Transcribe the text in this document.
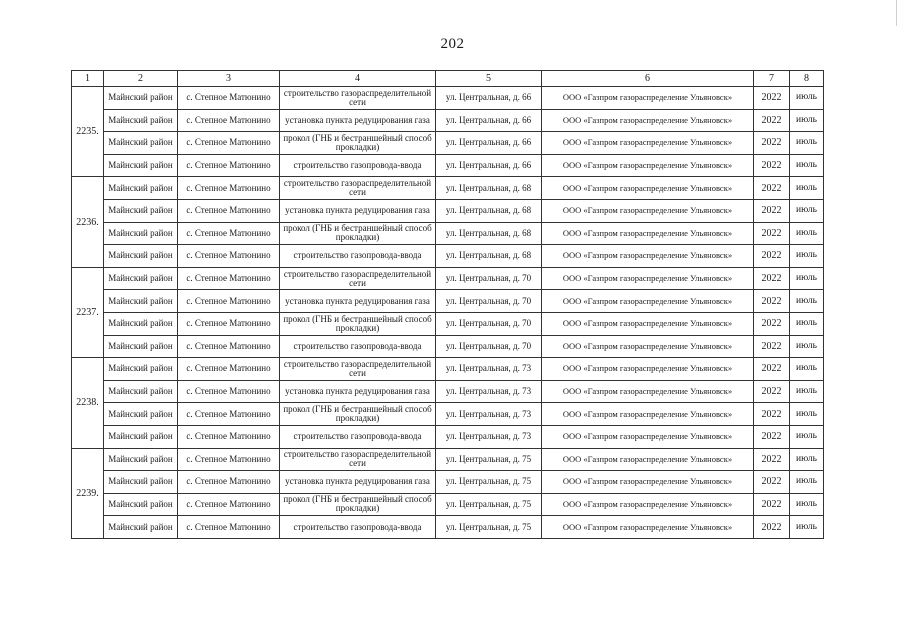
202
1	2	3	4	5	6	7	8
2235.	Майнский район	с. Степное Матюнино	строительство газораспределительной сети	ул. Центральная, д. 66	ООО «Газпром газораспределение Ульяновск»	2022	июль
	Майнский район	с. Степное Матюнино	установка пункта редуцирования газа	ул. Центральная, д. 66	ООО «Газпром газораспределение Ульяновск»	2022	июль
	Майнский район	с. Степное Матюнино	прокол (ГНБ и бестраншейный способ прокладки)	ул. Центральная, д. 66	ООО «Газпром газораспределение Ульяновск»	2022	июль
	Майнский район	с. Степное Матюнино	строительство газопровода-ввода	ул. Центральная, д. 66	ООО «Газпром газораспределение Ульяновск»	2022	июль
2236.	Майнский район	с. Степное Матюнино	строительство газораспределительной сети	ул. Центральная, д. 68	ООО «Газпром газораспределение Ульяновск»	2022	июль
	Майнский район	с. Степное Матюнино	установка пункта редуцирования газа	ул. Центральная, д. 68	ООО «Газпром газораспределение Ульяновск»	2022	июль
	Майнский район	с. Степное Матюнино	прокол (ГНБ и бестраншейный способ прокладки)	ул. Центральная, д. 68	ООО «Газпром газораспределение Ульяновск»	2022	июль
	Майнский район	с. Степное Матюнино	строительство газопровода-ввода	ул. Центральная, д. 68	ООО «Газпром газораспределение Ульяновск»	2022	июль
2237.	Майнский район	с. Степное Матюнино	строительство газораспределительной сети	ул. Центральная, д. 70	ООО «Газпром газораспределение Ульяновск»	2022	июль
	Майнский район	с. Степное Матюнино	установка пункта редуцирования газа	ул. Центральная, д. 70	ООО «Газпром газораспределение Ульяновск»	2022	июль
	Майнский район	с. Степное Матюнино	прокол (ГНБ и бестраншейный способ прокладки)	ул. Центральная, д. 70	ООО «Газпром газораспределение Ульяновск»	2022	июль
	Майнский район	с. Степное Матюнино	строительство газопровода-ввода	ул. Центральная, д. 70	ООО «Газпром газораспределение Ульяновск»	2022	июль
2238.	Майнский район	с. Степное Матюнино	строительство газораспределительной сети	ул. Центральная, д. 73	ООО «Газпром газораспределение Ульяновск»	2022	июль
	Майнский район	с. Степное Матюнино	установка пункта редуцирования газа	ул. Центральная, д. 73	ООО «Газпром газораспределение Ульяновск»	2022	июль
	Майнский район	с. Степное Матюнино	прокол (ГНБ и бестраншейный способ прокладки)	ул. Центральная, д. 73	ООО «Газпром газораспределение Ульяновск»	2022	июль
	Майнский район	с. Степное Матюнино	строительство газопровода-ввода	ул. Центральная, д. 73	ООО «Газпром газораспределение Ульяновск»	2022	июль
2239.	Майнский район	с. Степное Матюнино	строительство газораспределительной сети	ул. Центральная, д. 75	ООО «Газпром газораспределение Ульяновск»	2022	июль
	Майнский район	с. Степное Матюнино	установка пункта редуцирования газа	ул. Центральная, д. 75	ООО «Газпром газораспределение Ульяновск»	2022	июль
	Майнский район	с. Степное Матюнино	прокол (ГНБ и бестраншейный способ прокладки)	ул. Центральная, д. 75	ООО «Газпром газораспределение Ульяновск»	2022	июль
	Майнский район	с. Степное Матюнино	строительство газопровода-ввода	ул. Центральная, д. 75	ООО «Газпром газораспределение Ульяновск»	2022	июль
